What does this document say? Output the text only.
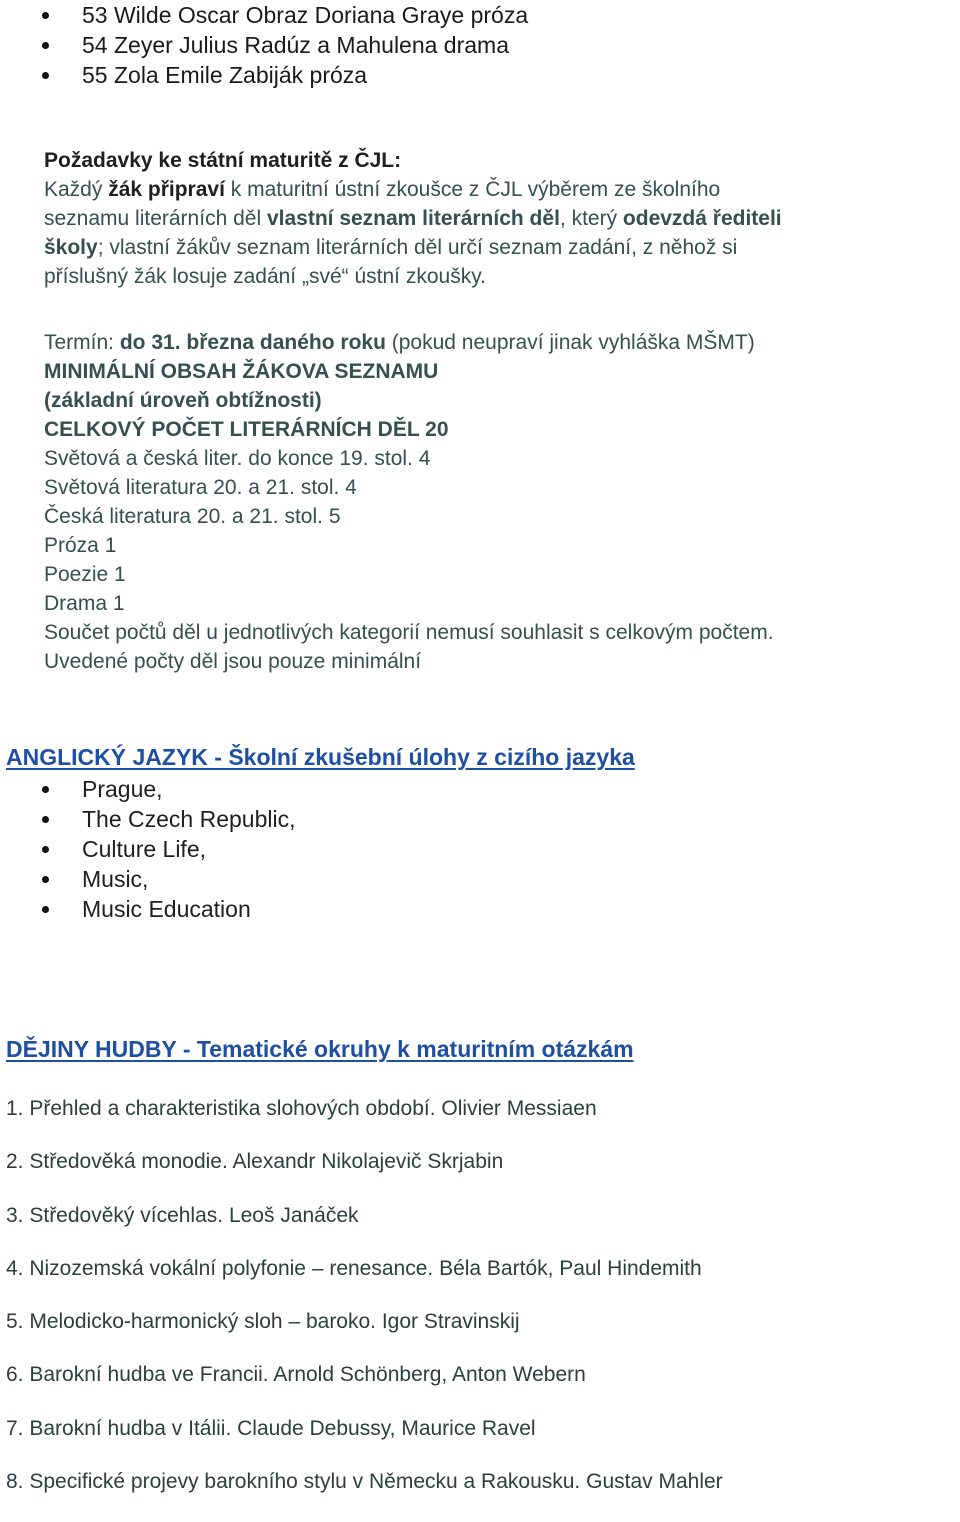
53 Wilde Oscar Obraz Doriana Graye próza
54 Zeyer Julius Radúz a Mahulena drama
55 Zola Emile Zabiják próza
Požadavky ke státní maturitě z ČJL:
Každý žák připraví k maturitní ústní zkoušce z ČJL výběrem ze školního
seznamu literárních děl vlastní seznam literárních děl, který odevzdá řediteli
školy; vlastní žákův seznam literárních děl určí seznam zadání, z něhož si
příslušný žák losuje zadání „své“ ústní zkoušky.
Termín: do 31. března daného roku (pokud neupraví jinak vyhláška MŠMT)
MINIMÁLNÍ OBSAH ŽÁKOVA SEZNAMU
(základní úroveň obtížnosti)
CELKOVÝ POČET LITERÁRNÍCH DĚL 20
Světová a česká liter. do konce 19. stol. 4
Světová literatura 20. a 21. stol. 4
Česká literatura 20. a 21. stol. 5
Próza 1
Poezie 1
Drama 1
Součet počtů děl u jednotlivých kategorií nemusí souhlasit s celkovým počtem.
Uvedené počty děl jsou pouze minimální
ANGLICKÝ JAZYK - Školní zkušební úlohy z cizího jazyka
Prague,
The Czech Republic,
Culture Life,
Music,
Music Education
DĚJINY HUDBY - Tematické okruhy k maturitním otázkám
1. Přehled a charakteristika slohových období. Olivier Messiaen
2. Středověká monodie. Alexandr Nikolajevič Skrjabin
3. Středověký vícehlas. Leoš Janáček
4. Nizozemská vokální polyfonie – renesance. Béla Bartók, Paul Hindemith
5. Melodicko-harmonický sloh – baroko. Igor Stravinskij
6. Barokní hudba ve Francii. Arnold Schönberg, Anton Webern
7. Barokní hudba v Itálii. Claude Debussy, Maurice Ravel
8. Specifické projevy barokního stylu v Německu a Rakousku. Gustav Mahler
